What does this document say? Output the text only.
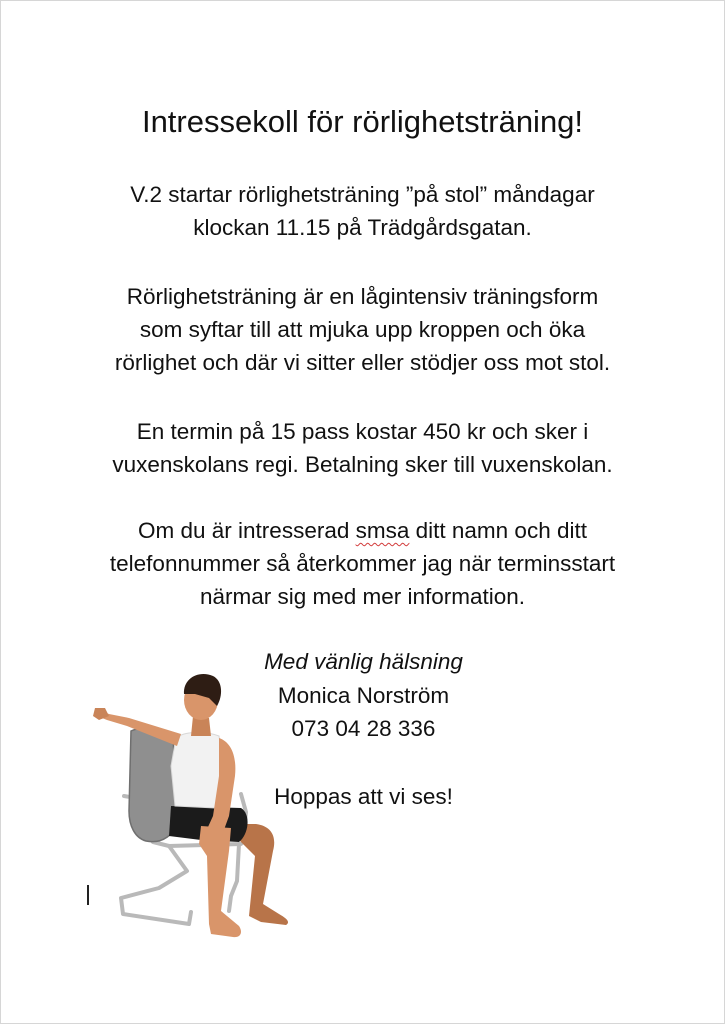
Intressekoll för rörlighetsträning!
V.2 startar rörlighetsträning ”på stol” måndagar
klockan 11.15 på Trädgårdsgatan.
Rörlighetsträning är en lågintensiv träningsform
som syftar till att mjuka upp kroppen och öka
rörlighet och där vi sitter eller stödjer oss mot stol.
En termin på 15 pass kostar 450 kr och sker i
vuxenskolans regi. Betalning sker till vuxenskolan.
Om du är intresserad smsa ditt namn och ditt
telefonnummer så återkommer jag när terminsstart
närmar sig med mer information.
Med vänlig hälsning
Monica Norström
073 04 28 336
Hoppas att vi ses!
